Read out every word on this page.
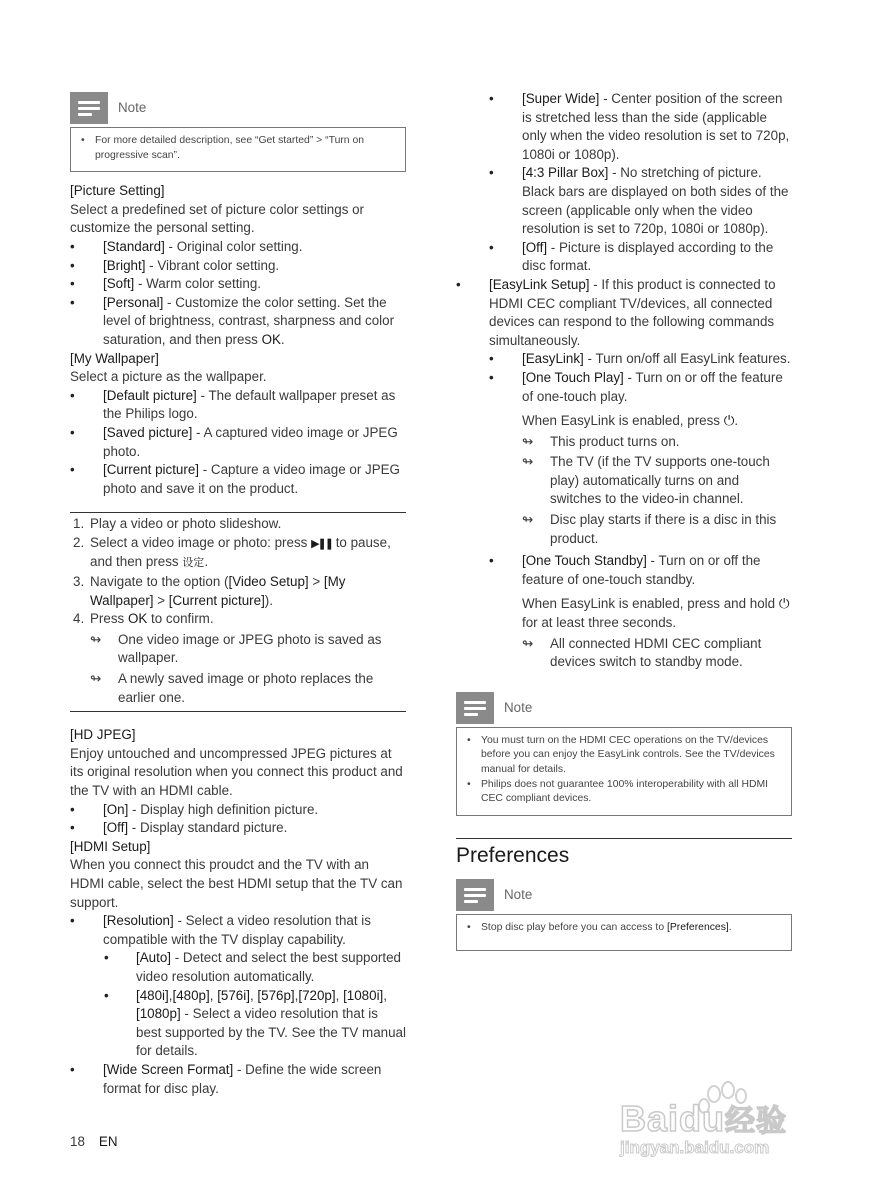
Note

• For more detailed description, see “Get started” > “Turn on progressive scan”.

[Picture Setting]

Select a predefined set of picture color settings or customize the personal setting.

• [Standard] - Original color setting.

• [Bright] - Vibrant color setting.

• [Soft] - Warm color setting.

• [Personal] - Customize the color setting. Set the level of brightness, contrast, sharpness and color saturation, and then press OK.

[My Wallpaper]

Select a picture as the wallpaper.

• [Default picture] - The default wallpaper preset as the Philips logo.

• [Saved picture] - A captured video image or JPEG photo.

• [Current picture] - Capture a video image or JPEG photo and save it on the product.

1. Play a video or photo slideshow.

2. Select a video image or photo: press ▶❚❚ to pause, and then press 设定.

3. Navigate to the option ([Video Setup] > [My Wallpaper] > [Current picture]).

4. Press OK to confirm.

↬ One video image or JPEG photo is saved as wallpaper.

↬ A newly saved image or photo replaces the earlier one.

[HD JPEG]

Enjoy untouched and uncompressed JPEG pictures at its original resolution when you connect this product and the TV with an HDMI cable.

• [On] - Display high definition picture.

• [Off] - Display standard picture.

[HDMI Setup]

When you connect this proudct and the TV with an HDMI cable, select the best HDMI setup that the TV can support.

• [Resolution] - Select a video resolution that is compatible with the TV display capability.

• [Auto] - Detect and select the best supported video resolution automatically.

• [480i],[480p], [576i], [576p],[720p], [1080i], [1080p] - Select a video resolution that is best supported by the TV. See the TV manual for details.

• [Wide Screen Format] - Define the wide screen format for disc play.

• [Super Wide] - Center position of the screen is stretched less than the side (applicable only when the video resolution is set to 720p, 1080i or 1080p).

• [4:3 Pillar Box] - No stretching of picture. Black bars are displayed on both sides of the screen (applicable only when the video resolution is set to 720p, 1080i or 1080p).

• [Off] - Picture is displayed according to the disc format.

• [EasyLink Setup] - If this product is connected to HDMI CEC compliant TV/devices, all connected devices can respond to the following commands simultaneously.

• [EasyLink] - Turn on/off all EasyLink features.

• [One Touch Play] - Turn on or off the feature of one-touch play.

When EasyLink is enabled, press ⏻.

↬ This product turns on.

↬ The TV (if the TV supports one-touch play) automatically turns on and switches to the video-in channel.

↬ Disc play starts if there is a disc in this product.

• [One Touch Standby] - Turn on or off the feature of one-touch standby.

When EasyLink is enabled, press and hold ⏻ for at least three seconds.

↬ All connected HDMI CEC compliant devices switch to standby mode.

Note

• You must turn on the HDMI CEC operations on the TV/devices before you can enjoy the EasyLink controls. See the TV/devices manual for details.

• Philips does not guarantee 100% interoperability with all HDMI CEC compliant devices.

Preferences
Note

• Stop disc play before you can access to [Preferences].

18 EN
Baidu经验
jingyan.baidu.com
